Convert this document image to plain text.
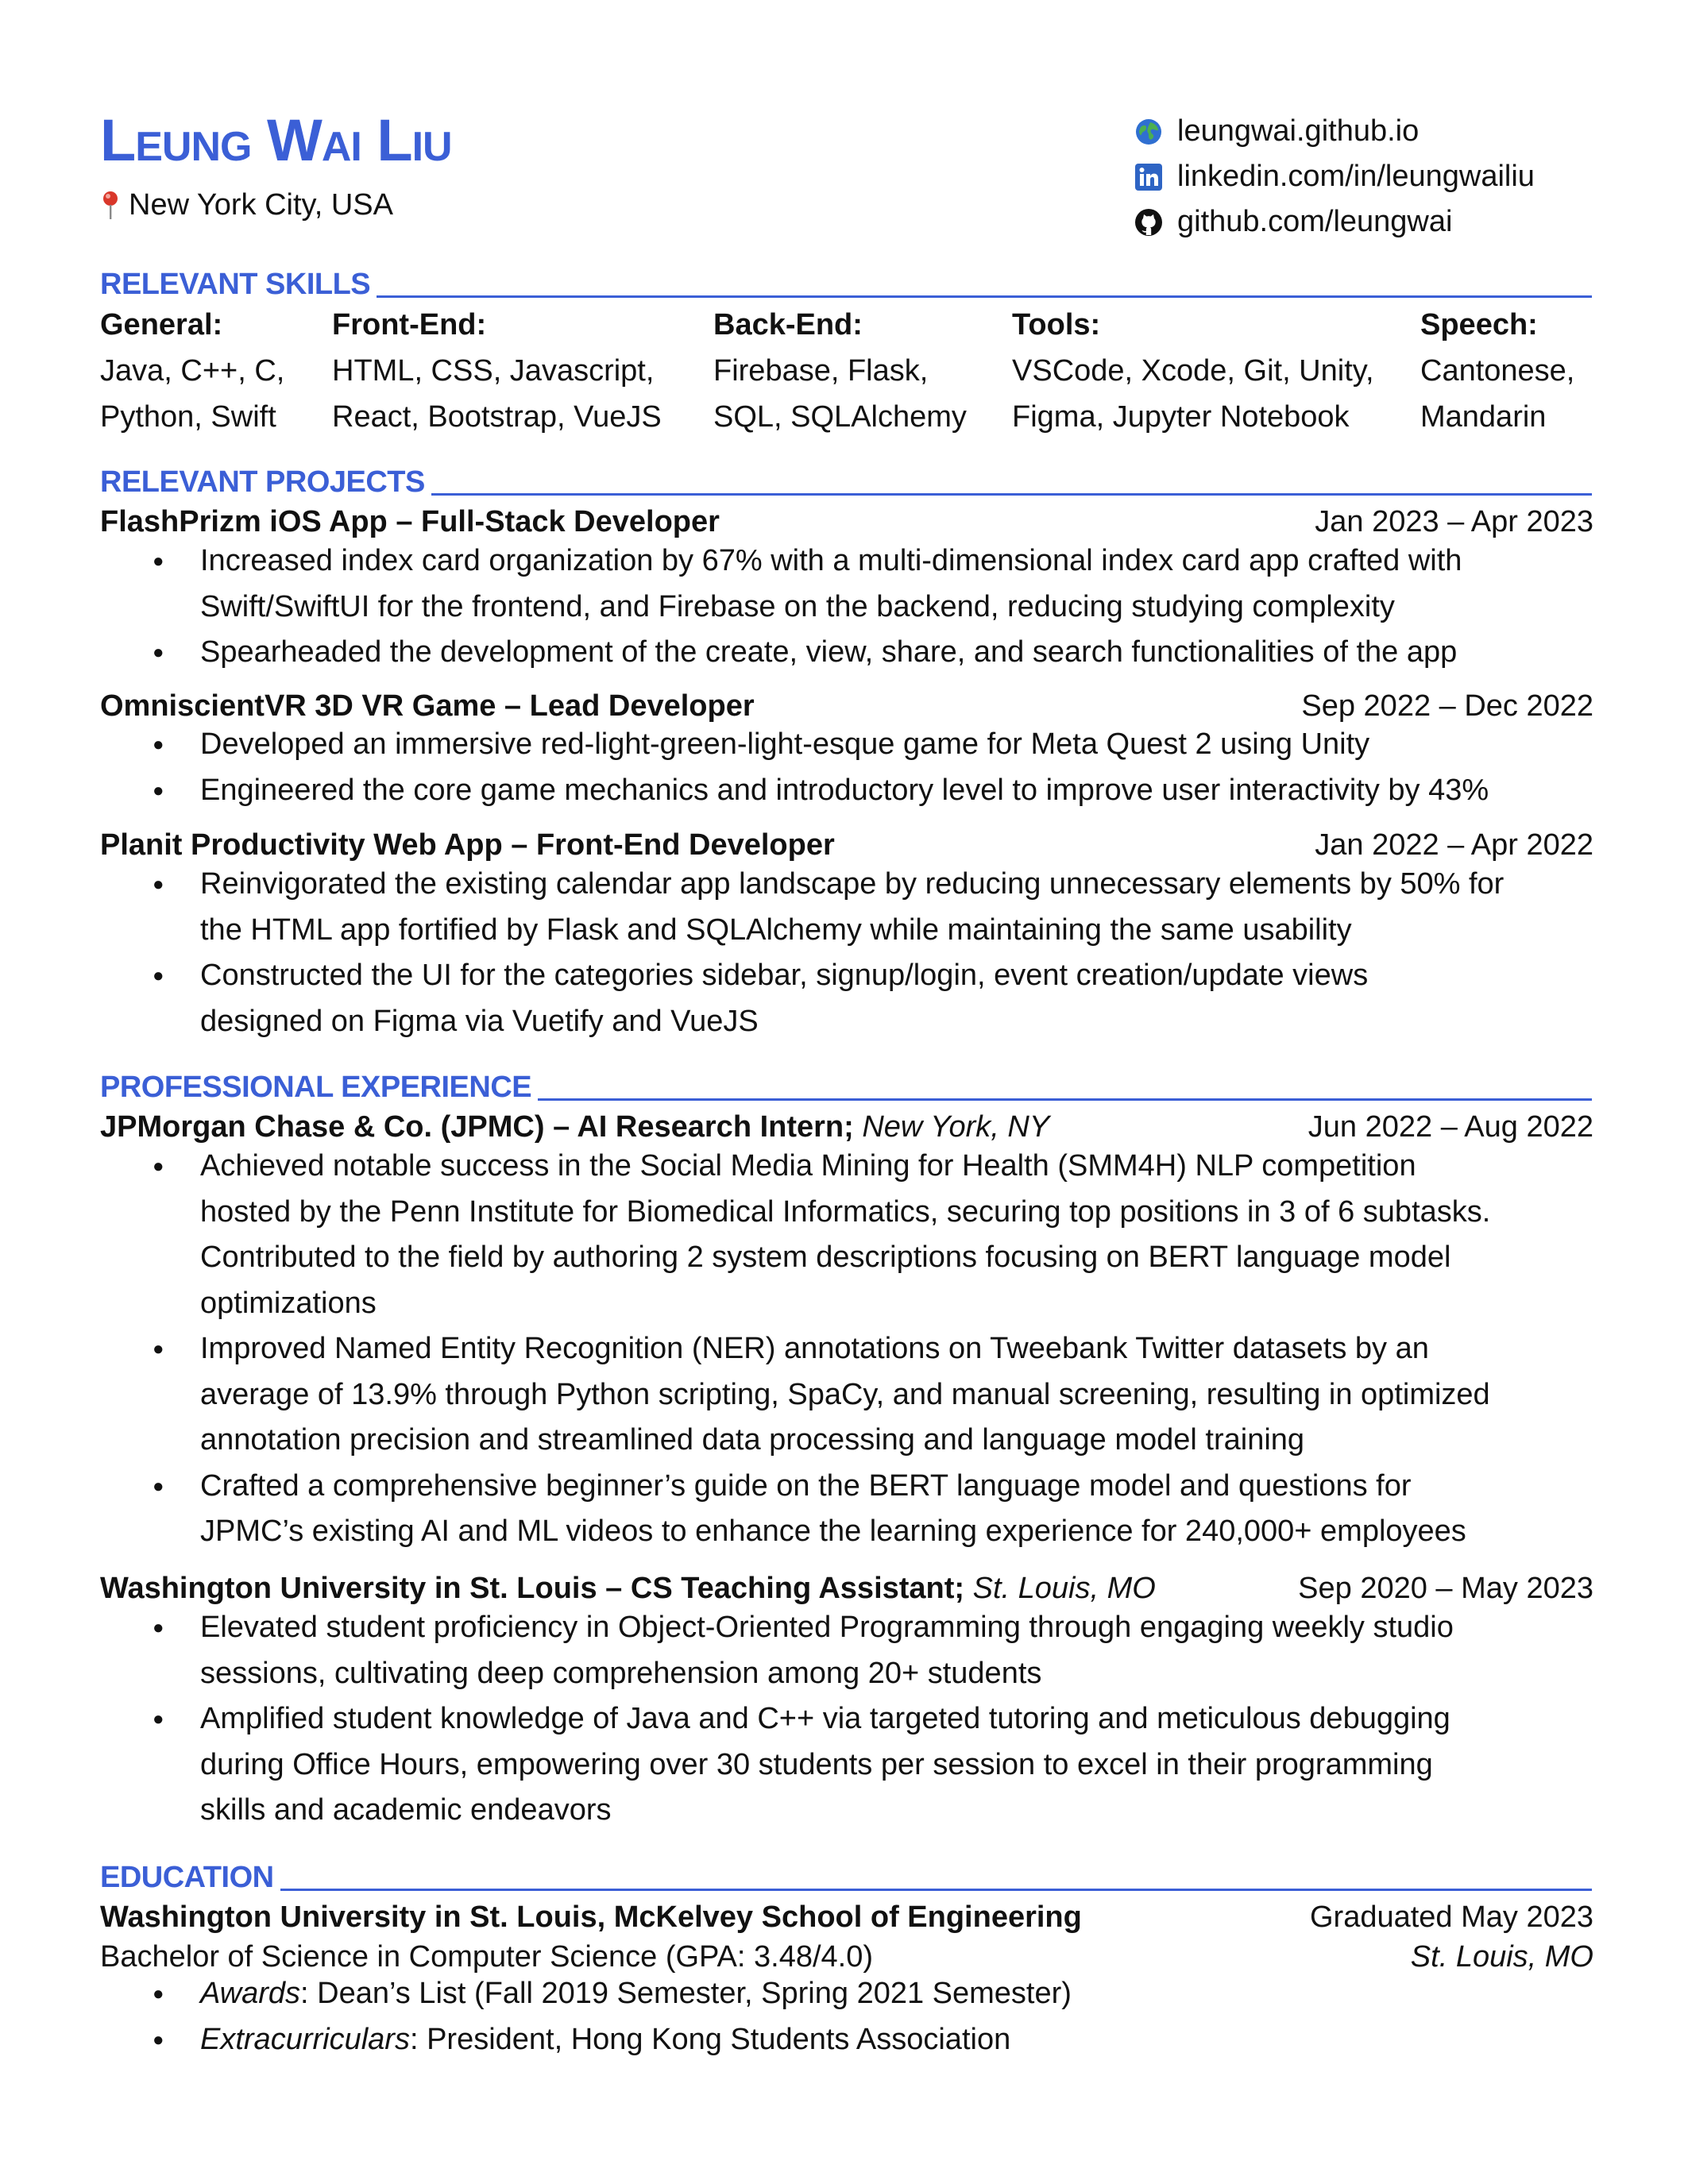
Leung Wai Liu
New York City, USA
leungwai.github.io
linkedin.com/in/leungwailiu
github.com/leungwai
RELEVANT SKILLS
General:
Java, C++, C,
Python, Swift
Front-End:
HTML, CSS, Javascript,
React, Bootstrap, VueJS
Back-End:
Firebase, Flask,
SQL, SQLAlchemy
Tools:
VSCode, Xcode, Git, Unity,
Figma, Jupyter Notebook
Speech:
Cantonese,
Mandarin
RELEVANT PROJECTS
FlashPrizm iOS App – Full-Stack Developer	Jan 2023 – Apr 2023
● Increased index card organization by 67% with a multi-dimensional index card app crafted with
Swift/SwiftUI for the frontend, and Firebase on the backend, reducing studying complexity
● Spearheaded the development of the create, view, share, and search functionalities of the app
OmniscientVR 3D VR Game – Lead Developer	Sep 2022 – Dec 2022
● Developed an immersive red-light-green-light-esque game for Meta Quest 2 using Unity
● Engineered the core game mechanics and introductory level to improve user interactivity by 43%
Planit Productivity Web App – Front-End Developer	Jan 2022 – Apr 2022
● Reinvigorated the existing calendar app landscape by reducing unnecessary elements by 50% for
the HTML app fortified by Flask and SQLAlchemy while maintaining the same usability
● Constructed the UI for the categories sidebar, signup/login, event creation/update views
designed on Figma via Vuetify and VueJS
PROFESSIONAL EXPERIENCE
JPMorgan Chase & Co. (JPMC) – AI Research Intern; New York, NY	Jun 2022 – Aug 2022
● Achieved notable success in the Social Media Mining for Health (SMM4H) NLP competition
hosted by the Penn Institute for Biomedical Informatics, securing top positions in 3 of 6 subtasks.
Contributed to the field by authoring 2 system descriptions focusing on BERT language model
optimizations
● Improved Named Entity Recognition (NER) annotations on Tweebank Twitter datasets by an
average of 13.9% through Python scripting, SpaCy, and manual screening, resulting in optimized
annotation precision and streamlined data processing and language model training
● Crafted a comprehensive beginner’s guide on the BERT language model and questions for
JPMC’s existing AI and ML videos to enhance the learning experience for 240,000+ employees
Washington University in St. Louis – CS Teaching Assistant; St. Louis, MO	Sep 2020 – May 2023
● Elevated student proficiency in Object-Oriented Programming through engaging weekly studio
sessions, cultivating deep comprehension among 20+ students
● Amplified student knowledge of Java and C++ via targeted tutoring and meticulous debugging
during Office Hours, empowering over 30 students per session to excel in their programming
skills and academic endeavors
EDUCATION
Washington University in St. Louis, McKelvey School of Engineering	Graduated May 2023
Bachelor of Science in Computer Science (GPA: 3.48/4.0)	St. Louis, MO
● Awards: Dean’s List (Fall 2019 Semester, Spring 2021 Semester)
● Extracurriculars: President, Hong Kong Students Association
